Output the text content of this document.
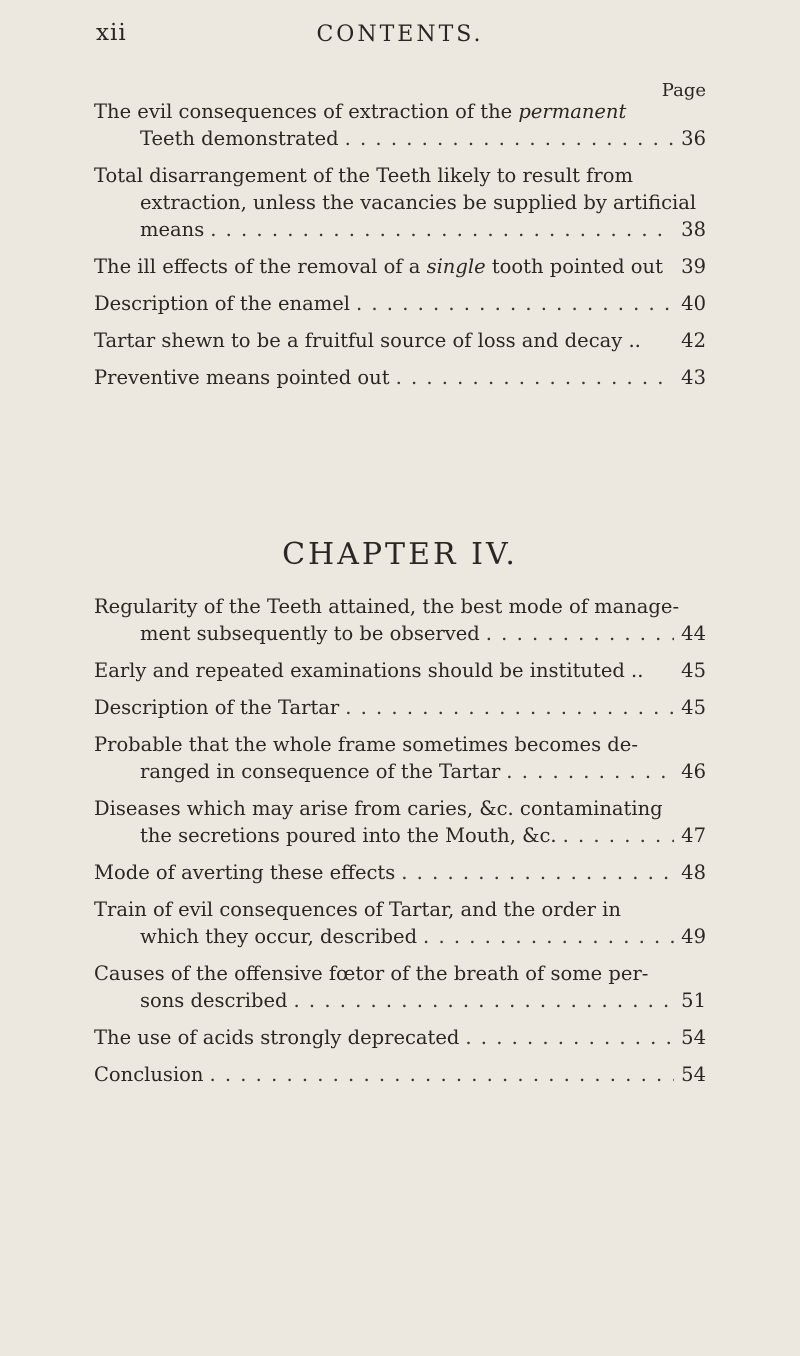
xii	CONTENTS.
Page
The evil consequences of extraction of the permanent
Teeth demonstrated . . .	36
Total disarrangement of the Teeth likely to result from
extraction, unless the vacancies be supplied by artificial
means . . .	38
The ill effects of the removal of a single tooth pointed out 39
Description of the enamel . . .	40
Tartar shewn to be a fruitful source of loss and decay .. 42
Preventive means pointed out . . .	43
CHAPTER IV.
Regularity of the Teeth attained, the best mode of manage-
ment subsequently to be observed . . .	44
Early and repeated examinations should be instituted .. 45
Description of the Tartar . . .	45
Probable that the whole frame sometimes becomes de-
ranged in consequence of the Tartar . . .	46
Diseases which may arise from caries, &c. contaminating
the secretions poured into the Mouth, &c. . . .	47
Mode of averting these effects . . .	48
Train of evil consequences of Tartar, and the order in
which they occur, described . . .	49
Causes of the offensive fœtor of the breath of some per-
sons described . . .	51
The use of acids strongly deprecated . . .	54
Conclusion . . .	54
